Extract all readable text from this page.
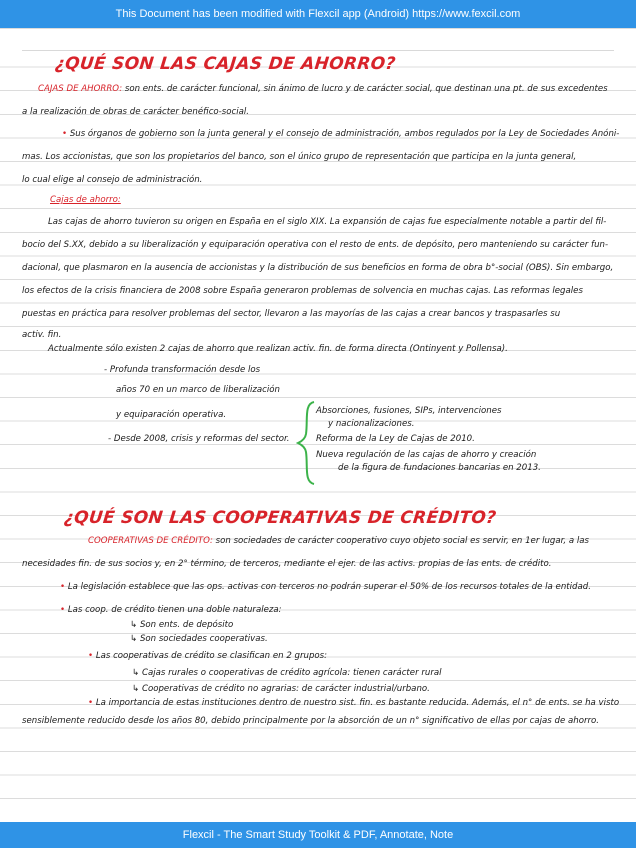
This Document has been modified with Flexcil app (Android) https://www.fexcil.com
¿QUÉ SON LAS CAJAS DE AHORRO?
CAJAS DE AHORRO: son ents. de carácter funcional, sin ánimo de lucro y de carácter social, que destinan una pt. de sus excedentes
a la realización de obras de carácter benéfico-social.
• Sus órganos de gobierno son la junta general y el consejo de administración, ambos regulados por la Ley de Sociedades Anóni-
mas. Los accionistas, que son los propietarios del banco, son el único grupo de representación que participa en la junta general,
lo cual elige al consejo de administración.
Cajas de ahorro:
Las cajas de ahorro tuvieron su origen en España en el siglo XIX. La expansión de cajas fue especialmente notable a partir del fil-
bocio del S.XX, debido a su liberalización y equiparación operativa con el resto de ents. de depósito, pero manteniendo su carácter fun-
dacional, que plasmaron en la ausencia de accionistas y la distribución de sus beneficios en forma de obra b°-social (OBS). Sin embargo,
los efectos de la crisis financiera de 2008 sobre España generaron problemas de solvencia en muchas cajas. Las reformas legales
puestas en práctica para resolver problemas del sector, llevaron a las mayorías de las cajas a crear bancos y traspasarles su
activ. fin.
Actualmente sólo existen 2 cajas de ahorro que realizan activ. fin. de forma directa (Ontinyent y Pollensa).
- Profunda transformación desde los
años 70 en un marco de liberalización
y equiparación operativa.
- Desde 2008, crisis y reformas del sector.
Absorciones, fusiones, SIPs, intervenciones
y nacionalizaciones.
Reforma de la Ley de Cajas de 2010.
Nueva regulación de las cajas de ahorro y creación
de la figura de fundaciones bancarias en 2013.
¿QUÉ SON LAS COOPERATIVAS DE CRÉDITO?
COOPERATIVAS DE CRÉDITO: son sociedades de carácter cooperativo cuyo objeto social es servir, en 1er lugar, a las
necesidades fin. de sus socios y, en 2° término, de terceros, mediante el ejer. de las activs. propias de las ents. de crédito.
• La legislación establece que las ops. activas con terceros no podrán superar el 50% de los recursos totales de la entidad.
• Las coop. de crédito tienen una doble naturaleza:
↳ Son ents. de depósito
↳ Son sociedades cooperativas.
• Las cooperativas de crédito se clasifican en 2 grupos:
↳ Cajas rurales o cooperativas de crédito agrícola: tienen carácter rural
↳ Cooperativas de crédito no agrarias: de carácter industrial/urbano.
• La importancia de estas instituciones dentro de nuestro sist. fin. es bastante reducida. Además, el n° de ents. se ha visto
sensiblemente reducido desde los años 80, debido principalmente por la absorción de un n° significativo de ellas por cajas de ahorro.
Flexcil - The Smart Study Toolkit & PDF, Annotate, Note
